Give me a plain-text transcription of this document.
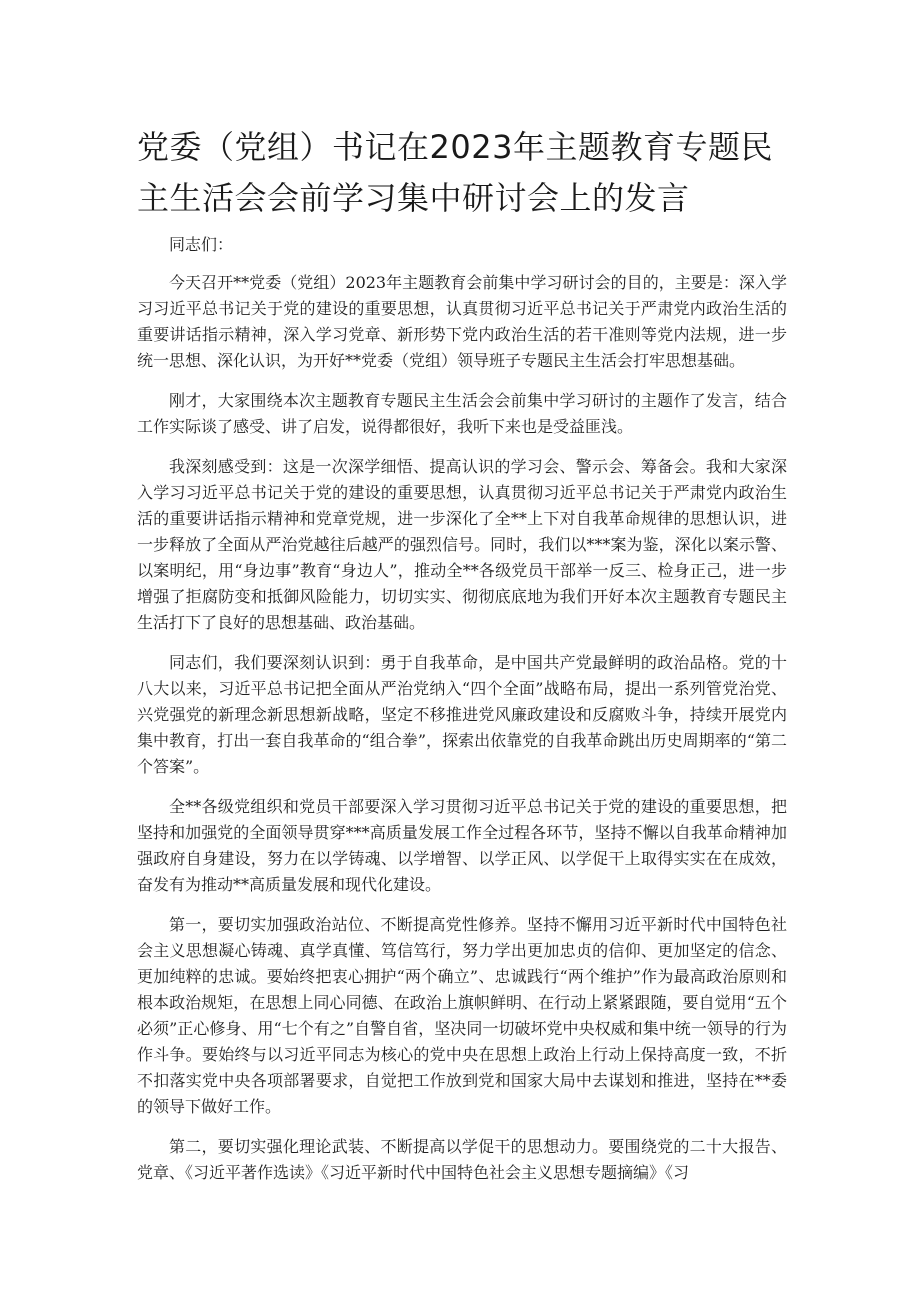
党委（党组）书记在2023年主题教育专题民主生活会会前学习集中研讨会上的发言

同志们：

今天召开**党委（党组）2023年主题教育会前集中学习研讨会的目的，主要是：深入学习习近平总书记关于党的建设的重要思想，认真贯彻习近平总书记关于严肃党内政治生活的重要讲话指示精神，深入学习党章、新形势下党内政治生活的若干准则等党内法规，进一步统一思想、深化认识，为开好**党委（党组）领导班子专题民主生活会打牢思想基础。

刚才，大家围绕本次主题教育专题民主生活会会前集中学习研讨的主题作了发言，结合工作实际谈了感受、讲了启发，说得都很好，我听下来也是受益匪浅。

我深刻感受到：这是一次深学细悟、提高认识的学习会、警示会、筹备会。我和大家深入学习习近平总书记关于党的建设的重要思想，认真贯彻习近平总书记关于严肃党内政治生活的重要讲话指示精神和党章党规，进一步深化了全**上下对自我革命规律的思想认识，进一步释放了全面从严治党越往后越严的强烈信号。同时，我们以***案为鉴，深化以案示警、以案明纪，用“身边事”教育“身边人”，推动全**各级党员干部举一反三、检身正己，进一步增强了拒腐防变和抵御风险能力，切切实实、彻彻底底地为我们开好本次主题教育专题民主生活打下了良好的思想基础、政治基础。

同志们，我们要深刻认识到：勇于自我革命，是中国共产党最鲜明的政治品格。党的十八大以来，习近平总书记把全面从严治党纳入“四个全面”战略布局，提出一系列管党治党、兴党强党的新理念新思想新战略，坚定不移推进党风廉政建设和反腐败斗争，持续开展党内集中教育，打出一套自我革命的“组合拳”，探索出依靠党的自我革命跳出历史周期率的“第二个答案”。

全**各级党组织和党员干部要深入学习贯彻习近平总书记关于党的建设的重要思想，把坚持和加强党的全面领导贯穿***高质量发展工作全过程各环节，坚持不懈以自我革命精神加强政府自身建设，努力在以学铸魂、以学增智、以学正风、以学促干上取得实实在在成效，奋发有为推动**高质量发展和现代化建设。

第一，要切实加强政治站位、不断提高党性修养。坚持不懈用习近平新时代中国特色社会主义思想凝心铸魂、真学真懂、笃信笃行，努力学出更加忠贞的信仰、更加坚定的信念、更加纯粹的忠诚。要始终把衷心拥护“两个确立”、忠诚践行“两个维护”作为最高政治原则和根本政治规矩，在思想上同心同德、在政治上旗帜鲜明、在行动上紧紧跟随，要自觉用“五个必须”正心修身、用“七个有之”自警自省，坚决同一切破坏党中央权威和集中统一领导的行为作斗争。要始终与以习近平同志为核心的党中央在思想上政治上行动上保持高度一致，不折不扣落实党中央各项部署要求，自觉把工作放到党和国家大局中去谋划和推进，坚持在**委的领导下做好工作。

第二，要切实强化理论武装、不断提高以学促干的思想动力。要围绕党的二十大报告、党章、《习近平著作选读》《习近平新时代中国特色社会主义思想专题摘编》《习
